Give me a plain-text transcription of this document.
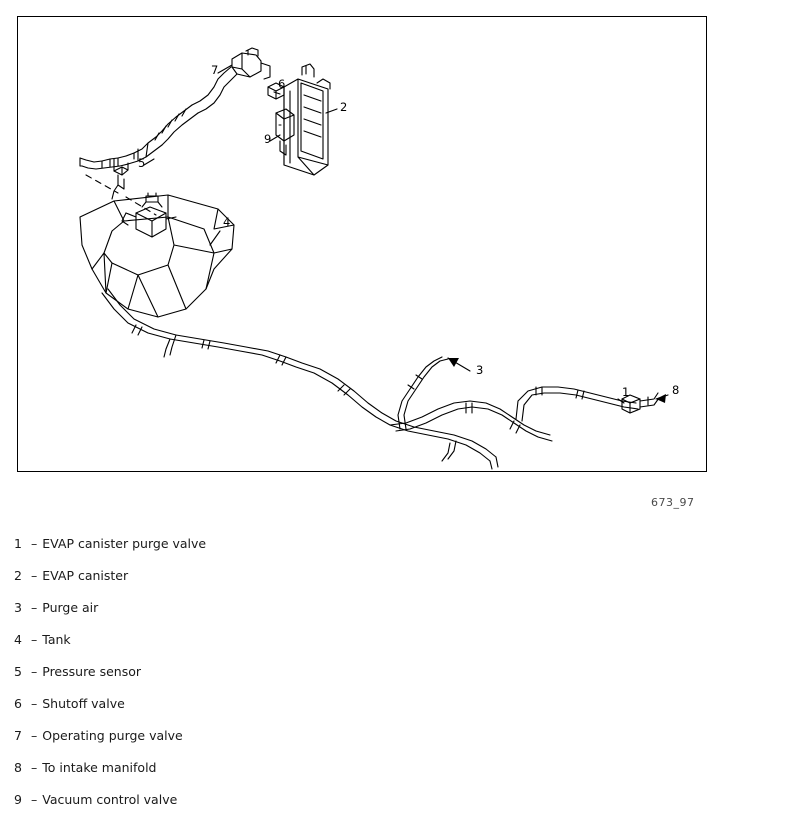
7
6
2
9
5
4
3
1	8
673_97
1 – EVAP canister purge valve
2 – EVAP canister
3 – Purge air
4 – Tank
5 – Pressure sensor
6 – Shutoff valve
7 – Operating purge valve
8 – To intake manifold
9 – Vacuum control valve
